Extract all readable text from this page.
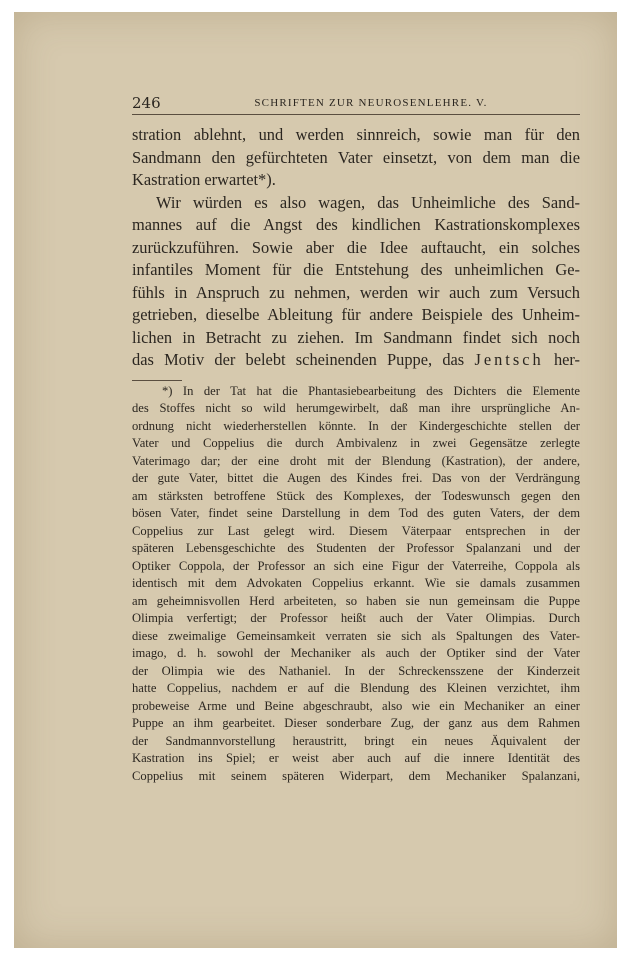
246	SCHRIFTEN ZUR NEUROSENLEHRE. V.
stration ablehnt, und werden sinnreich, sowie man für den
Sandmann den gefürchteten Vater einsetzt, von dem man die
Kastration erwartet*).
Wir würden es also wagen, das Unheimliche des Sand-
mannes auf die Angst des kindlichen Kastrationskomplexes
zurückzuführen. Sowie aber die Idee auftaucht, ein solches
infantiles Moment für die Entstehung des unheimlichen Ge-
fühls in Anspruch zu nehmen, werden wir auch zum Versuch
getrieben, dieselbe Ableitung für andere Beispiele des Unheim-
lichen in Betracht zu ziehen. Im Sandmann findet sich noch
das Motiv der belebt scheinenden Puppe, das Jentsch her-
*) In der Tat hat die Phantasiebearbeitung des Dichters die Elemente
des Stoffes nicht so wild herumgewirbelt, daß man ihre ursprüngliche An-
ordnung nicht wiederherstellen könnte. In der Kindergeschichte stellen der
Vater und Coppelius die durch Ambivalenz in zwei Gegensätze zerlegte
Vaterimago dar; der eine droht mit der Blendung (Kastration), der andere,
der gute Vater, bittet die Augen des Kindes frei. Das von der Verdrängung
am stärksten betroffene Stück des Komplexes, der Todeswunsch gegen den
bösen Vater, findet seine Darstellung in dem Tod des guten Vaters, der dem
Coppelius zur Last gelegt wird. Diesem Väterpaar entsprechen in der
späteren Lebensgeschichte des Studenten der Professor Spalanzani und der
Optiker Coppola, der Professor an sich eine Figur der Vaterreihe, Coppola als
identisch mit dem Advokaten Coppelius erkannt. Wie sie damals zusammen
am geheimnisvollen Herd arbeiteten, so haben sie nun gemeinsam die Puppe
Olimpia verfertigt; der Professor heißt auch der Vater Olimpias. Durch
diese zweimalige Gemeinsamkeit verraten sie sich als Spaltungen des Vater-
imago, d. h. sowohl der Mechaniker als auch der Optiker sind der Vater
der Olimpia wie des Nathaniel. In der Schreckensszene der Kinderzeit
hatte Coppelius, nachdem er auf die Blendung des Kleinen verzichtet, ihm
probeweise Arme und Beine abgeschraubt, also wie ein Mechaniker an einer
Puppe an ihm gearbeitet. Dieser sonderbare Zug, der ganz aus dem Rahmen
der Sandmannvorstellung heraustritt, bringt ein neues Äquivalent der
Kastration ins Spiel; er weist aber auch auf die innere Identität des
Coppelius mit seinem späteren Widerpart, dem Mechaniker Spalanzani,
